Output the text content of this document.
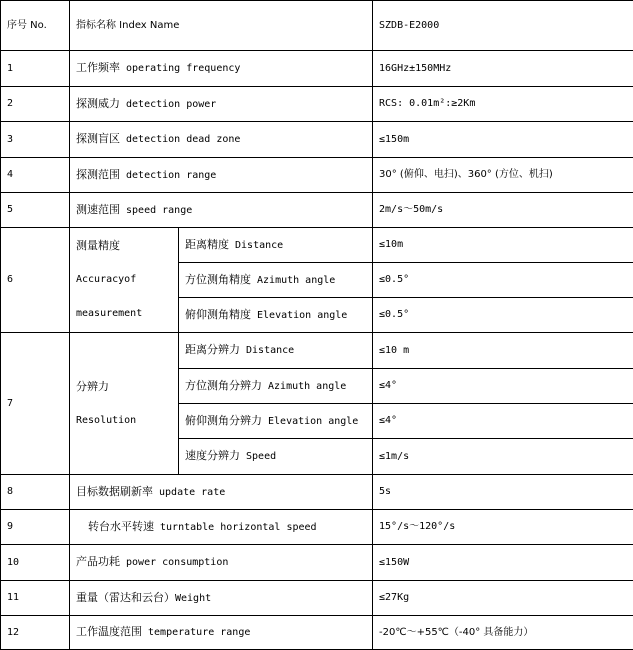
序号 No.	指标名称 Index Name		SZDB-E2000
1	工作频率 operating frequency		16GHz±150MHz
2	探测威力 detection power		RCS: 0.01m²:≥2Km
3	探测盲区 detection dead zone		≤150m
4	探测范围 detection range		30° (俯仰、电扫)、360° (方位、机扫)
5	测速范围 speed range		2m/s～50m/s
6	测量精度
Accuracyof
measurement	距离精度 Distance	≤10m
		方位测角精度 Azimuth angle	≤0.5°
		俯仰测角精度 Elevation angle	≤0.5°
7	分辨力
Resolution	距离分辨力 Distance	≤10 m
		方位测角分辨力 Azimuth angle	≤4°
		俯仰测角分辨力 Elevation angle	≤4°
		速度分辨力 Speed	≤1m/s
8	目标数据刷新率 update rate		5s
9	转台水平转速 turntable horizontal speed		15°/s～120°/s
10	产品功耗 power consumption		≤150W
11	重量（雷达和云台）Weight		≤27Kg
12	工作温度范围 temperature range		-20℃～+55℃（-40° 具备能力）
